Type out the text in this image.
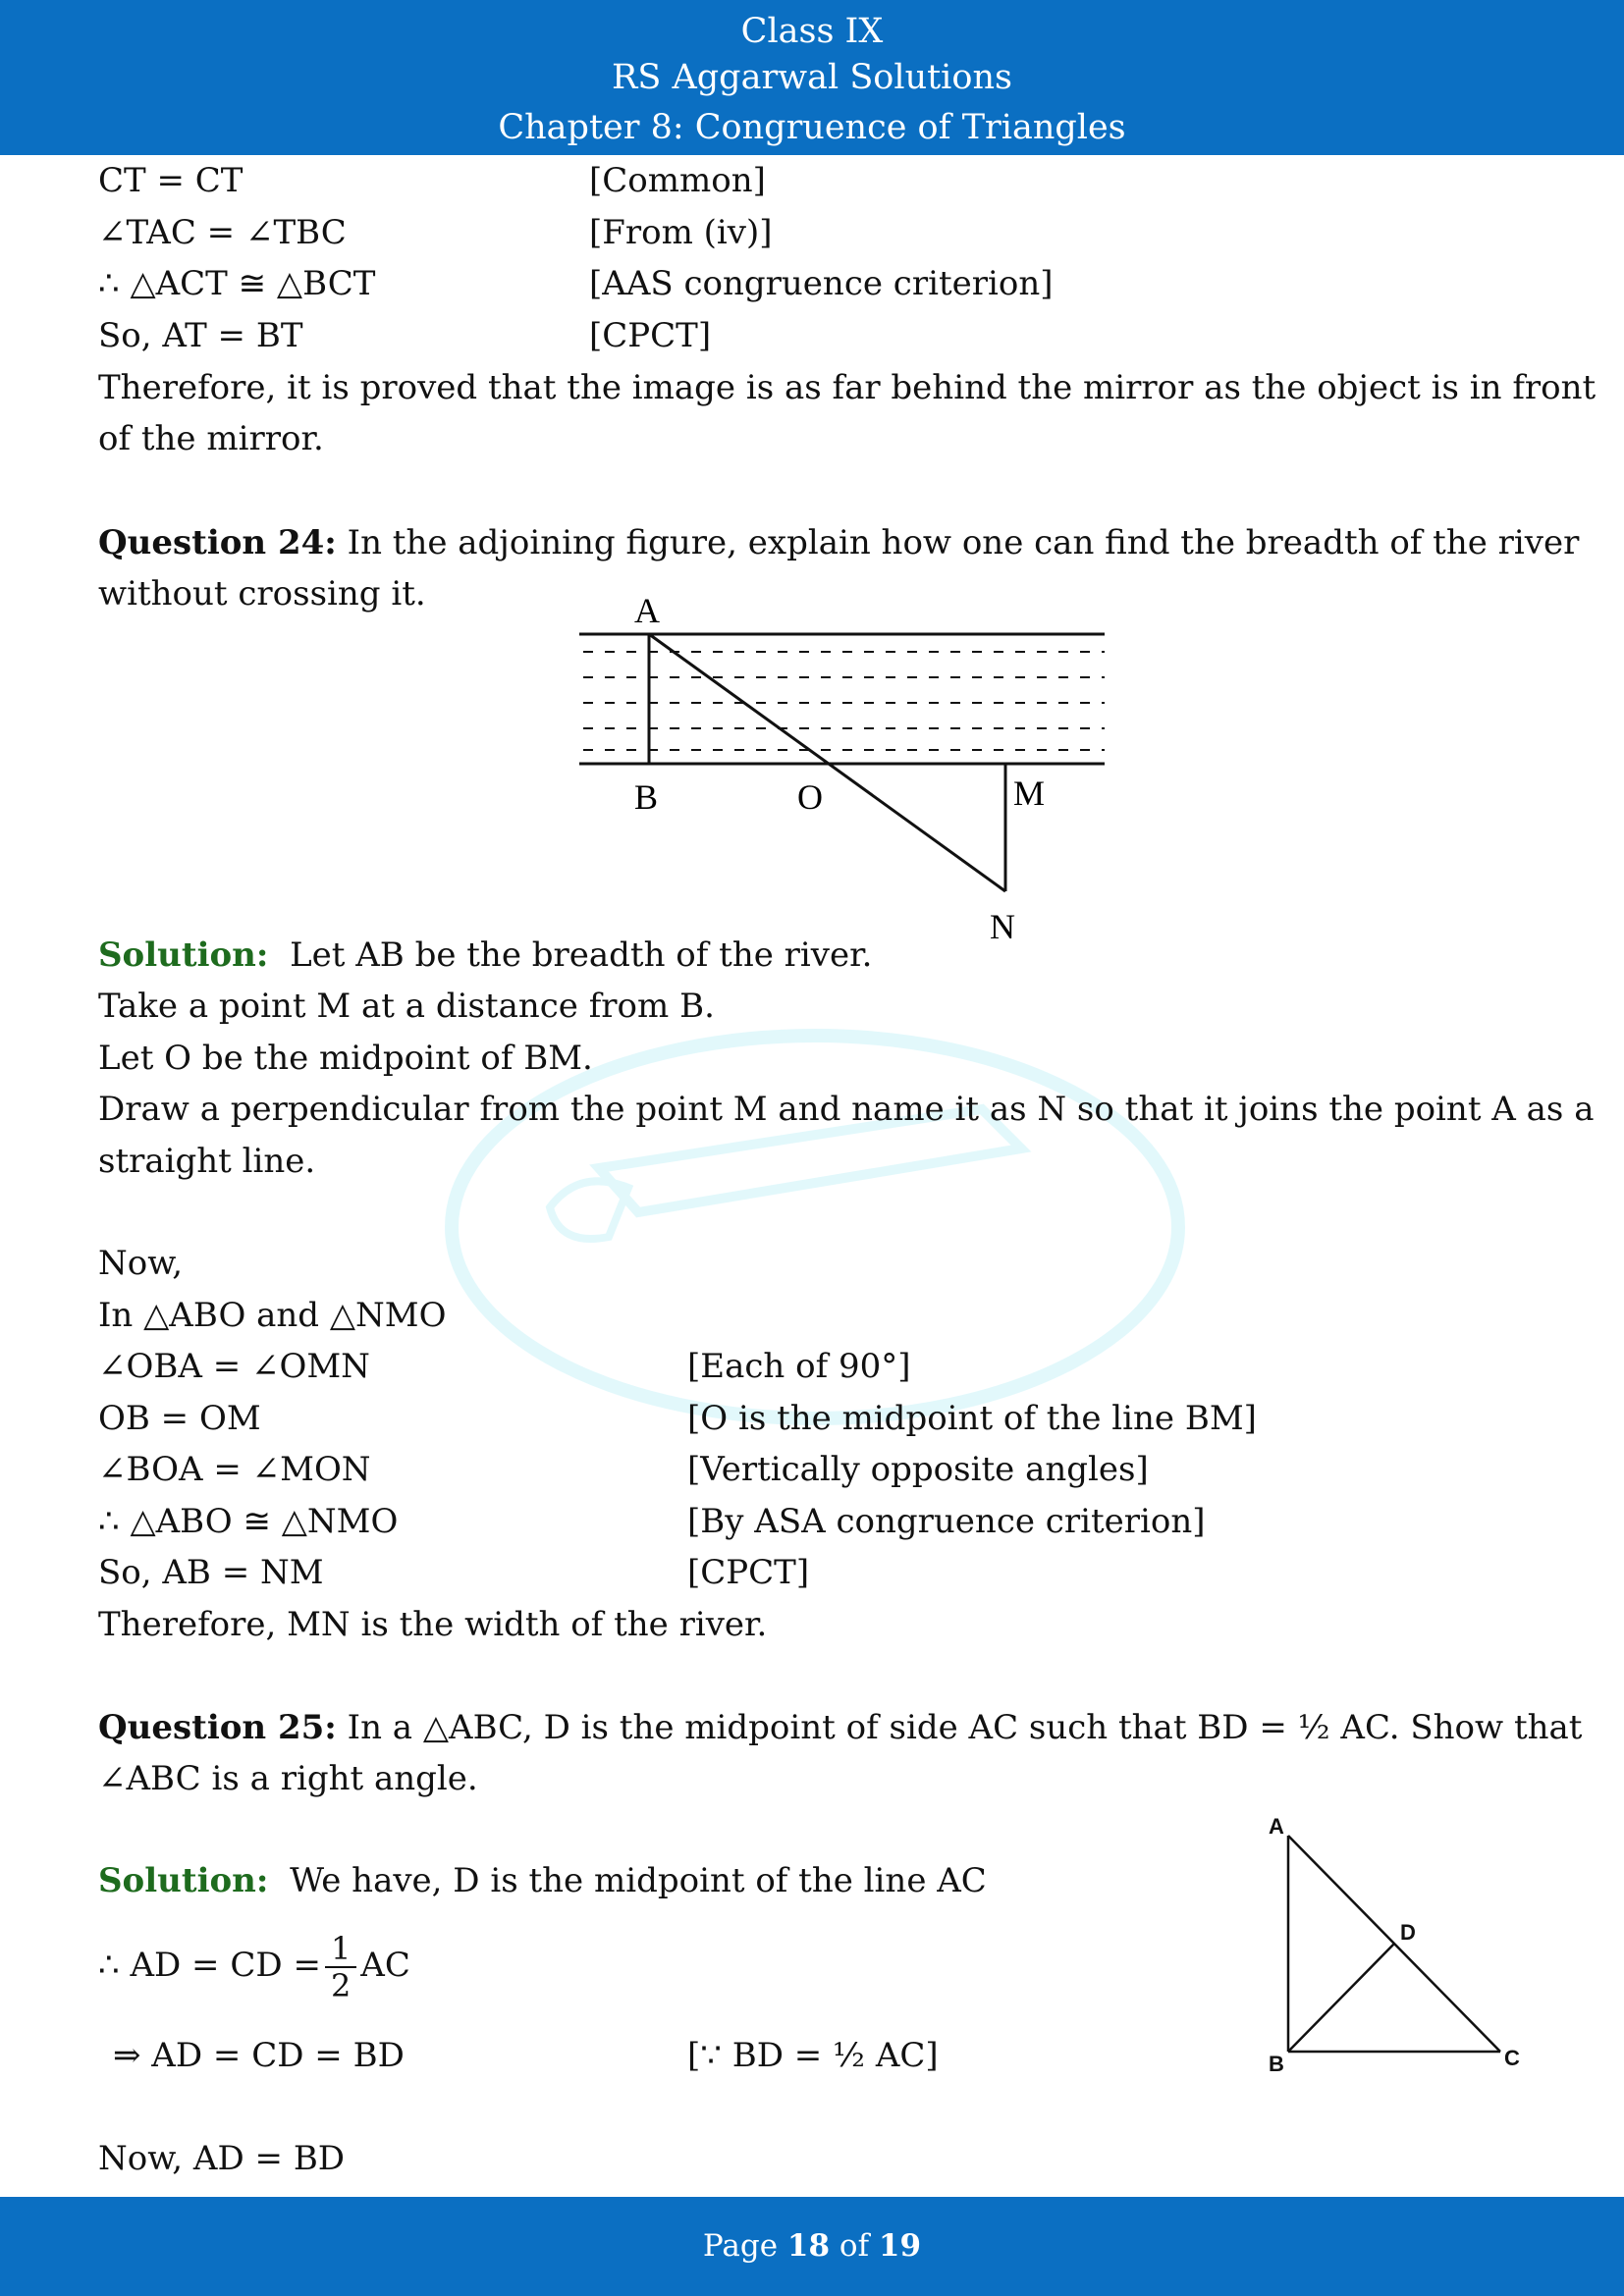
Class IX
RS Aggarwal Solutions
Chapter 8: Congruence of Triangles
CT = CT	[Common]
∠TAC = ∠TBC	[From (iv)]
∴ △ACT ≅ △BCT	[AAS congruence criterion]
So, AT = BT	[CPCT]
Therefore, it is proved that the image is as far behind the mirror as the object is in front
of the mirror.
Question 24: In the adjoining figure, explain how one can find the breadth of the river
without crossing it.	A
B	O	M
N
Solution: Let AB be the breadth of the river.
Take a point M at a distance from B.
Let O be the midpoint of BM.
Draw a perpendicular from the point M and name it as N so that it joins the point A as a
straight line.
Now,
In △ABO and △NMO
∠OBA = ∠OMN	[Each of 90°]
OB = OM	[O is the midpoint of the line BM]
∠BOA = ∠MON	[Vertically opposite angles]
∴ △ABO ≅ △NMO	[By ASA congruence criterion]
So, AB = NM	[CPCT]
Therefore, MN is the width of the river.
Question 25: In a △ABC, D is the midpoint of side AC such that BD = ½ AC. Show that
∠ABC is a right angle.
A
B	C
D
Solution: We have, D is the midpoint of the line AC
∴ AD = CD = $\frac{1}{2}$ AC
⇒ AD = CD = BD	[∵ BD = ½ AC]
Now, AD = BD
Page 18 of 19
